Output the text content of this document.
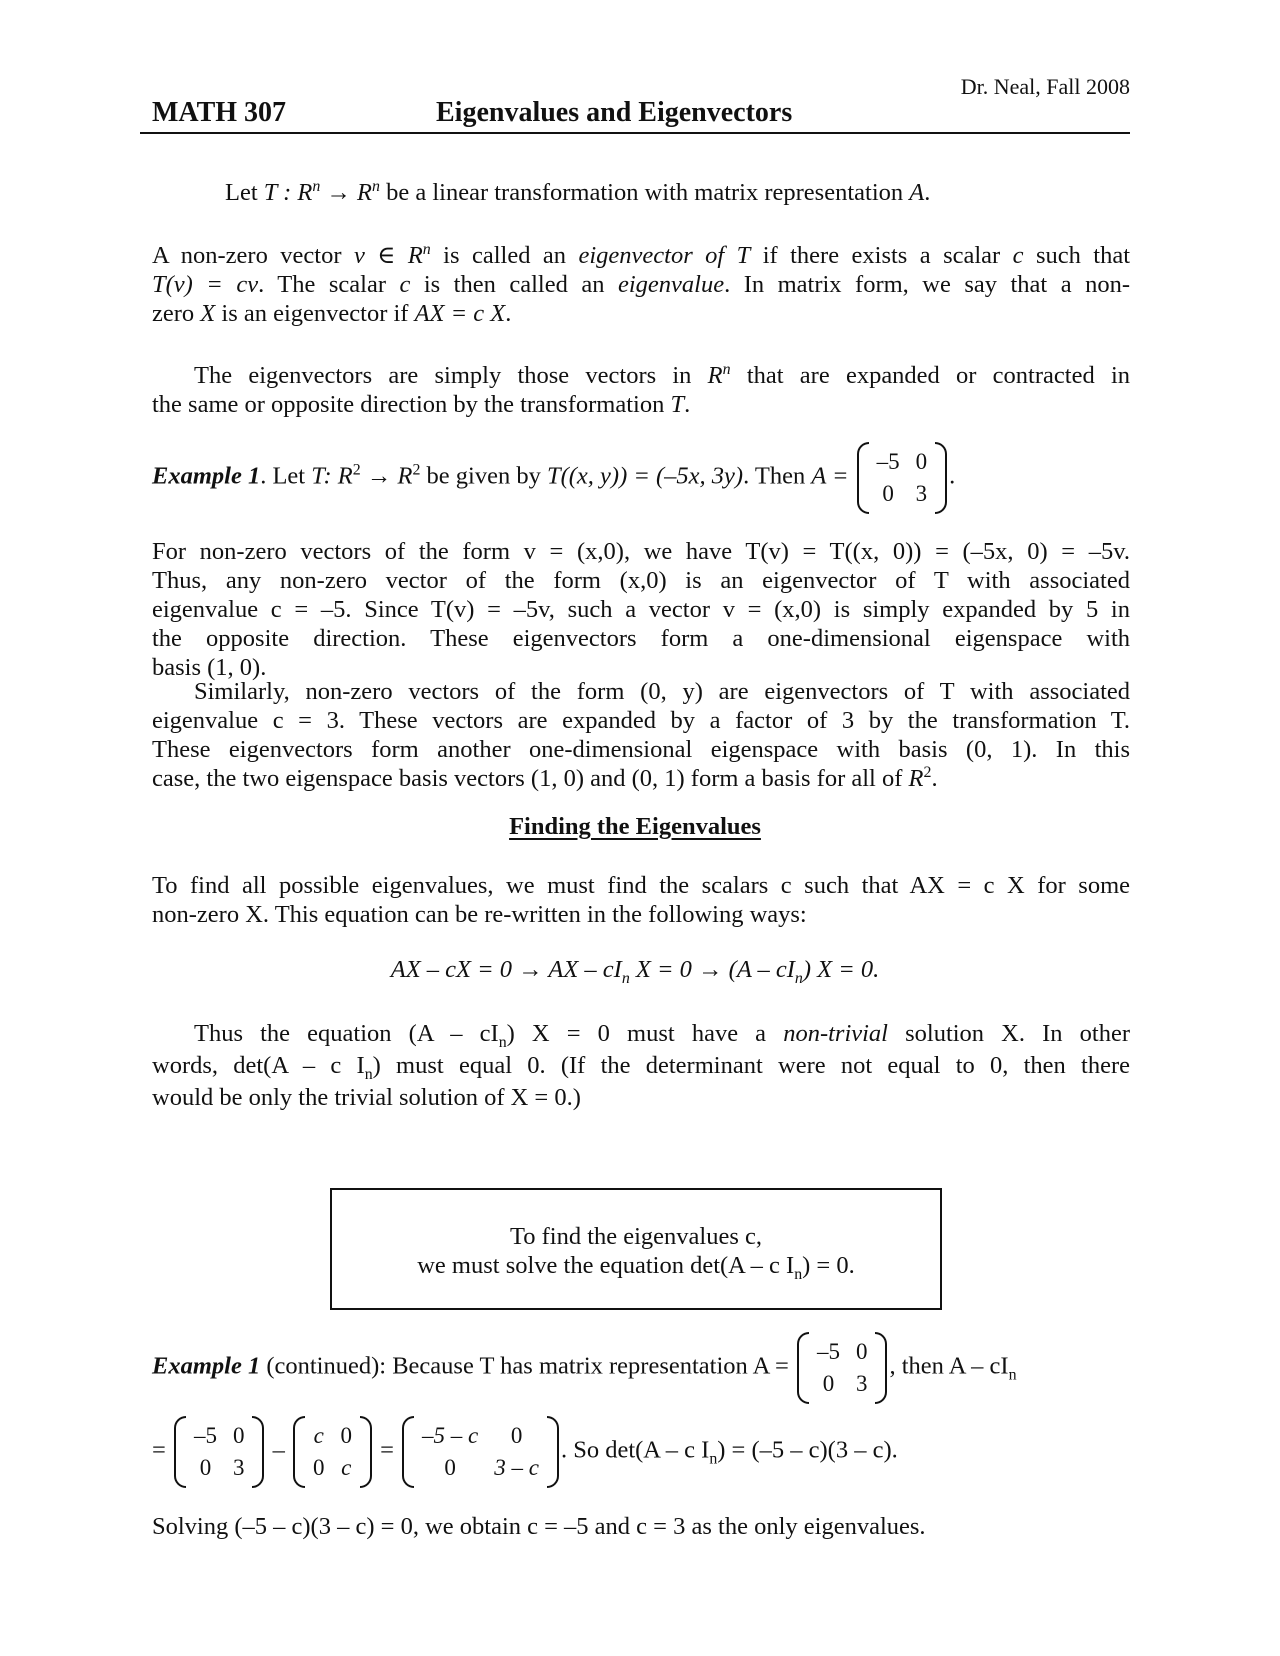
Dr. Neal, Fall 2008
MATH 307	Eigenvalues and Eigenvectors
Let T : $R^n \to R^n$ be a linear transformation with matrix representation A.
A non-zero vector v ∈ $R^n$ is called an eigenvector of T if there exists a scalar c such that
T(v) = cv. The scalar c is then called an eigenvalue. In matrix form, we say that a non-
zero X is an eigenvector if AX = c X.
The eigenvectors are simply those vectors in $R^n$ that are expanded or contracted in
the same or opposite direction by the transformation T.
Example 1. Let T: $R^2 \to R^2$ be given by T((x, y)) = (–5x, 3y). Then A =
–5	0
0	3
.
For non-zero vectors of the form v = (x,0), we have T(v) = T((x, 0)) = (–5x, 0) = –5v.
Thus, any non-zero vector of the form (x,0) is an eigenvector of T with associated
eigenvalue c = –5. Since T(v) = –5v, such a vector v = (x,0) is simply expanded by 5 in
the opposite direction. These eigenvectors form a one-dimensional eigenspace with
basis (1, 0).
Similarly, non-zero vectors of the form (0, y) are eigenvectors of T with associated
eigenvalue c = 3. These vectors are expanded by a factor of 3 by the transformation T.
These eigenvectors form another one-dimensional eigenspace with basis (0, 1). In this
case, the two eigenspace basis vectors (1, 0) and (0, 1) form a basis for all of $R^2$.
Finding the Eigenvalues
To find all possible eigenvalues, we must find the scalars c such that AX = c X for some
non-zero X. This equation can be re-written in the following ways:
AX – cX = 0 → AX – $cI_n$ $X = 0 \to (A - cI_n)$ X = 0.
Thus the equation $(A - cI_n)$ X = 0 must have a non-trivial solution X. In other
words, det(A – c $I_n$) must equal 0. (If the determinant were not equal to 0, then there
would be only the trivial solution of X = 0.)
To find the eigenvalues c,
we must solve the equation det(A – c $I_n) = 0$.
Example 1 (continued): Because T has matrix representation A =
–5	0
0	3
, then A – $cI_n$
=
–5	0
0	3
–
c	0
0	c
=
–5 – c	0
0	3 – c
. So det(A – c $I_n) = (-5 - c)(3 - c)$.
Solving (–5 – c)(3 – c) = 0, we obtain c = –5 and c = 3 as the only eigenvalues.
